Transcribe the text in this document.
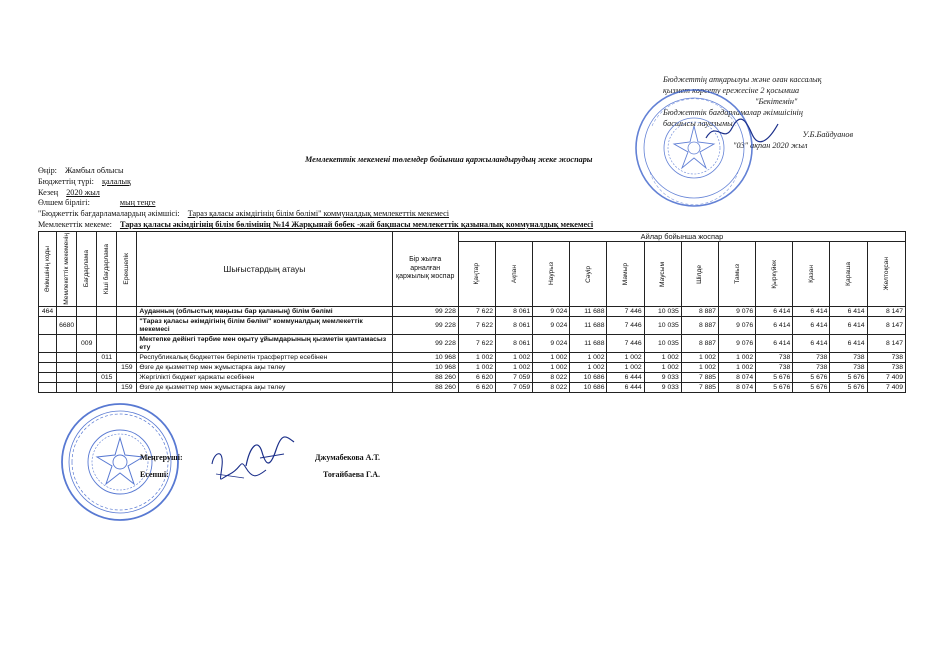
Бюджеттің атқарылуы және оған кассалық
қызмет көрсету ережесіне 2 қосымша
"Бекітемін"
Бюджеттік бағдарламалар әкімшісінің
басшысы лауазымы
У.Б.Байдуанов
"03" ақпан 2020 жыл
Мемлекеттік мекемені төлемдер бойынша қаржыландырудың жеке жоспары
Өңір: Жамбыл облысы
Бюджеттің түрі: қалалық
Кезең 2020 жыл
Өлшем бірлігі:	мың теңге
"Бюджеттік бағдарламалардың әкімшісі: Тараз қаласы әкімдігінің білім бөлімі" коммуналдық мемлекеттік мекемесі
Мемлекеттік мекеме: Тараз қаласы әкімдігінің білім бөлімінің №14 Жарқынай бөбек -жай бақшасы мемлекеттік қазыналық коммуналдық мекемесі
Әкімшінің коды	Мемлекеттік мекеменің	Бағдарлама	Кіші бағдарлама	Ерекшелік	Шығыстардың атауы	Бір жылға арналған қаржылық жоспар	Айлар бойынша жоспар											

							Қаңтар	Ақпан	Наурыз	Сәуір	Мамыр	Маусым	Шілде	Тамыз	Қыркүйек	Қазан	Қараша	Желтоқсан

464					Ауданның (облыстық маңызы бар қаланың) білім бөлімі	99 228	7 622	8 061	9 024	11 688	7 446	10 035	8 887	9 076	6 414	6 414	6 414	8 147
	6680				"Тараз қаласы әкімдігінің білім бөлімі" коммуналдық мемлекеттік мекемесі	99 228	7 622	8 061	9 024	11 688	7 446	10 035	8 887	9 076	6 414	6 414	6 414	8 147
		009			Мектепке дейінгі тәрбие мен оқыту ұйымдарының қызметін қамтамасыз ету	99 228	7 622	8 061	9 024	11 688	7 446	10 035	8 887	9 076	6 414	6 414	6 414	8 147
			011		Республикалық бюджеттен берілетін трасферттер есебінен	10 968	1 002	1 002	1 002	1 002	1 002	1 002	1 002	1 002	738	738	738	738
				159	Өзге де қызметтер мен жұмыстарға ақы төлеу	10 968	1 002	1 002	1 002	1 002	1 002	1 002	1 002	1 002	738	738	738	738
			015		Жергілікті бюджет қаржаты есебінен	88 260	6 620	7 059	8 022	10 686	6 444	9 033	7 885	8 074	5 676	5 676	5 676	7 409
				159	Өзге де қызметтер мен жұмыстарға ақы төлеу	88 260	6 620	7 059	8 022	10 686	6 444	9 033	7 885	8 074	5 676	5 676	5 676	7 409
Меңгеруші:	Джумабекова А.Т.
Есепші:	Тоғайбаева Г.А.
